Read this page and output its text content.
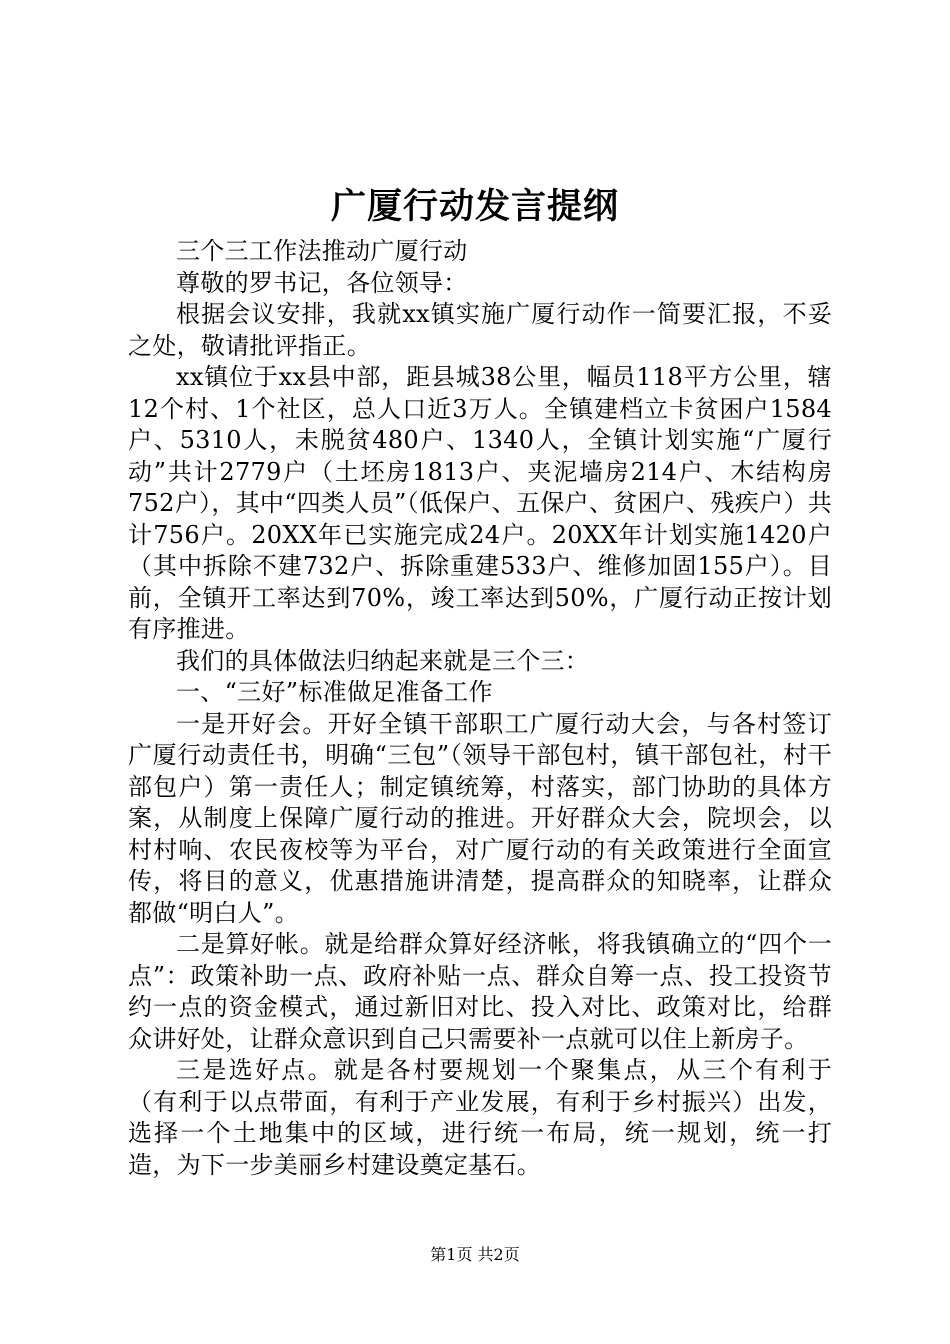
广厦行动发言提纲

三个三工作法推动广厦行动

尊敬的罗书记，各位领导：

根据会议安排，我就xx镇实施广厦行动作一简要汇报，不妥之处，敬请批评指正。

xx镇位于xx县中部，距县城38公里，幅员118平方公里，辖12个村、1个社区，总人口近3万人。全镇建档立卡贫困户1584户、5310人，未脱贫480户、1340人，全镇计划实施“广厦行动”共计2779户（土坯房1813户、夹泥墙房214户、木结构房752户），其中“四类人员”（低保户、五保户、贫困户、残疾户）共计756户。20XX年已实施完成24户。20XX年计划实施1420户（其中拆除不建732户、拆除重建533户、维修加固155户）。目前，全镇开工率达到70%，竣工率达到50%，广厦行动正按计划有序推进。

我们的具体做法归纳起来就是三个三：

一、“三好”标准做足准备工作

一是开好会。开好全镇干部职工广厦行动大会，与各村签订广厦行动责任书，明确“三包”（领导干部包村，镇干部包社，村干部包户）第一责任人；制定镇统筹，村落实，部门协助的具体方案，从制度上保障广厦行动的推进。开好群众大会，院坝会，以村村响、农民夜校等为平台，对广厦行动的有关政策进行全面宣传，将目的意义，优惠措施讲清楚，提高群众的知晓率，让群众都做“明白人”。

二是算好帐。就是给群众算好经济帐，将我镇确立的“四个一点”：政策补助一点、政府补贴一点、群众自筹一点、投工投资节约一点的资金模式，通过新旧对比、投入对比、政策对比，给群众讲好处，让群众意识到自己只需要补一点就可以住上新房子。

三是选好点。就是各村要规划一个聚集点，从三个有利于（有利于以点带面，有利于产业发展，有利于乡村振兴）出发，选择一个土地集中的区域，进行统一布局，统一规划，统一打造，为下一步美丽乡村建设奠定基石。

第1页 共2页
